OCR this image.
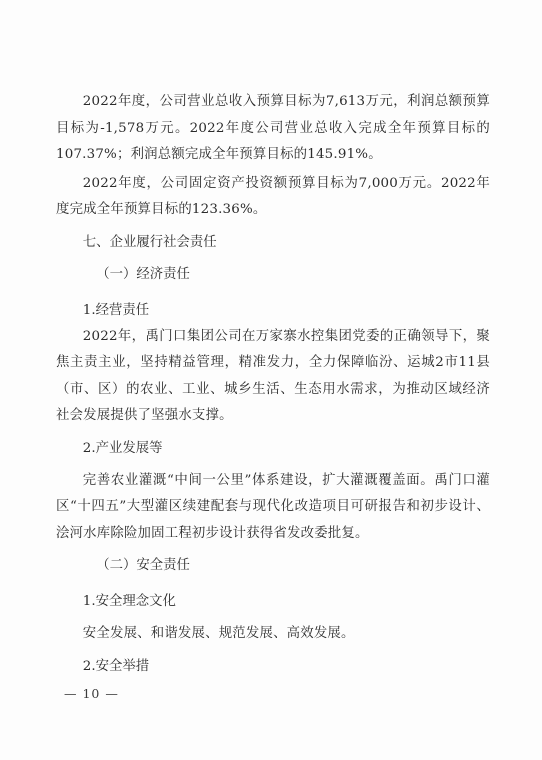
2022年度，公司营业总收入预算目标为7,613万元，利润总额预算目标为-1,578万元。2022年度公司营业总收入完成全年预算目标的107.37%；利润总额完成全年预算目标的145.91%。

2022年度，公司固定资产投资额预算目标为7,000万元。2022年度完成全年预算目标的123.36%。

七、企业履行社会责任
（一）经济责任
1.经营责任

2022年，禹门口集团公司在万家寨水控集团党委的正确领导下，聚焦主责主业，坚持精益管理，精准发力，全力保障临汾、运城2市11县（市、区）的农业、工业、城乡生活、生态用水需求，为推动区域经济社会发展提供了坚强水支撑。

2.产业发展等

完善农业灌溉“中间一公里”体系建设，扩大灌溉覆盖面。禹门口灌区“十四五”大型灌区续建配套与现代化改造项目可研报告和初步设计、浍河水库除险加固工程初步设计获得省发改委批复。

（二）安全责任
1.安全理念文化

安全发展、和谐发展、规范发展、高效发展。

2.安全举措
— 10 —
